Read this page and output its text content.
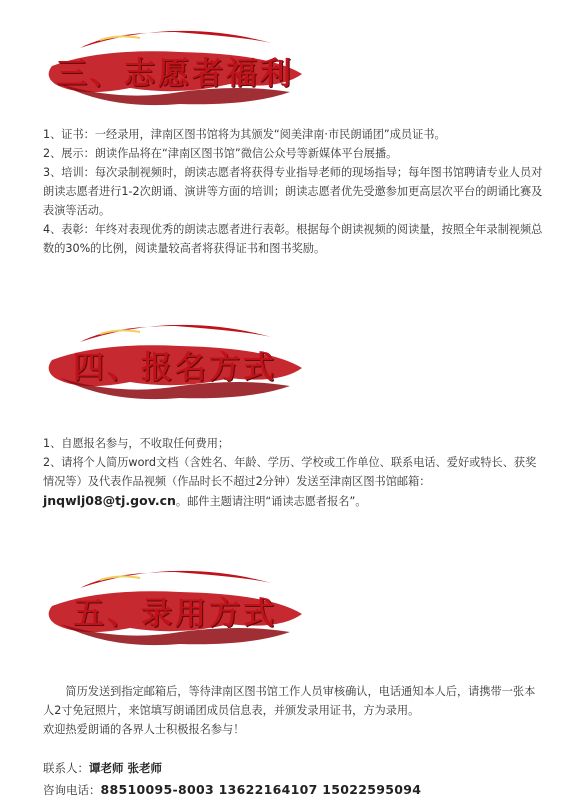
三、志愿者福利

1、证书：一经录用，津南区图书馆将为其颁发“阅美津南·市民朗诵团”成员证书。

2、展示：朗读作品将在“津南区图书馆”微信公众号等新媒体平台展播。

3、培训：每次录制视频时，朗读志愿者将获得专业指导老师的现场指导；每年图书馆聘请专业人员对朗读志愿者进行1-2次朗诵、演讲等方面的培训；朗读志愿者优先受邀参加更高层次平台的朗诵比赛及表演等活动。

4、表彰：年终对表现优秀的朗读志愿者进行表彰。根据每个朗读视频的阅读量，按照全年录制视频总数的30%的比例，阅读量较高者将获得证书和图书奖励。

四、报名方式

1、自愿报名参与，不收取任何费用；

2、请将个人简历word文档（含姓名、年龄、学历、学校或工作单位、联系电话、爱好或特长、获奖情况等）及代表作品视频（作品时长不超过2分钟）发送至津南区图书馆邮箱：jnqwlj08@tj.gov.cn。邮件主题请注明“诵读志愿者报名”。

五、录用方式

简历发送到指定邮箱后，等待津南区图书馆工作人员审核确认，电话通知本人后，请携带一张本人2寸免冠照片，来馆填写朗诵团成员信息表，并颁发录用证书，方为录用。

欢迎热爱朗诵的各界人士积极报名参与！

联系人：谭老师 张老师
咨询电话：88510095-8003 13622164107 15022595094
